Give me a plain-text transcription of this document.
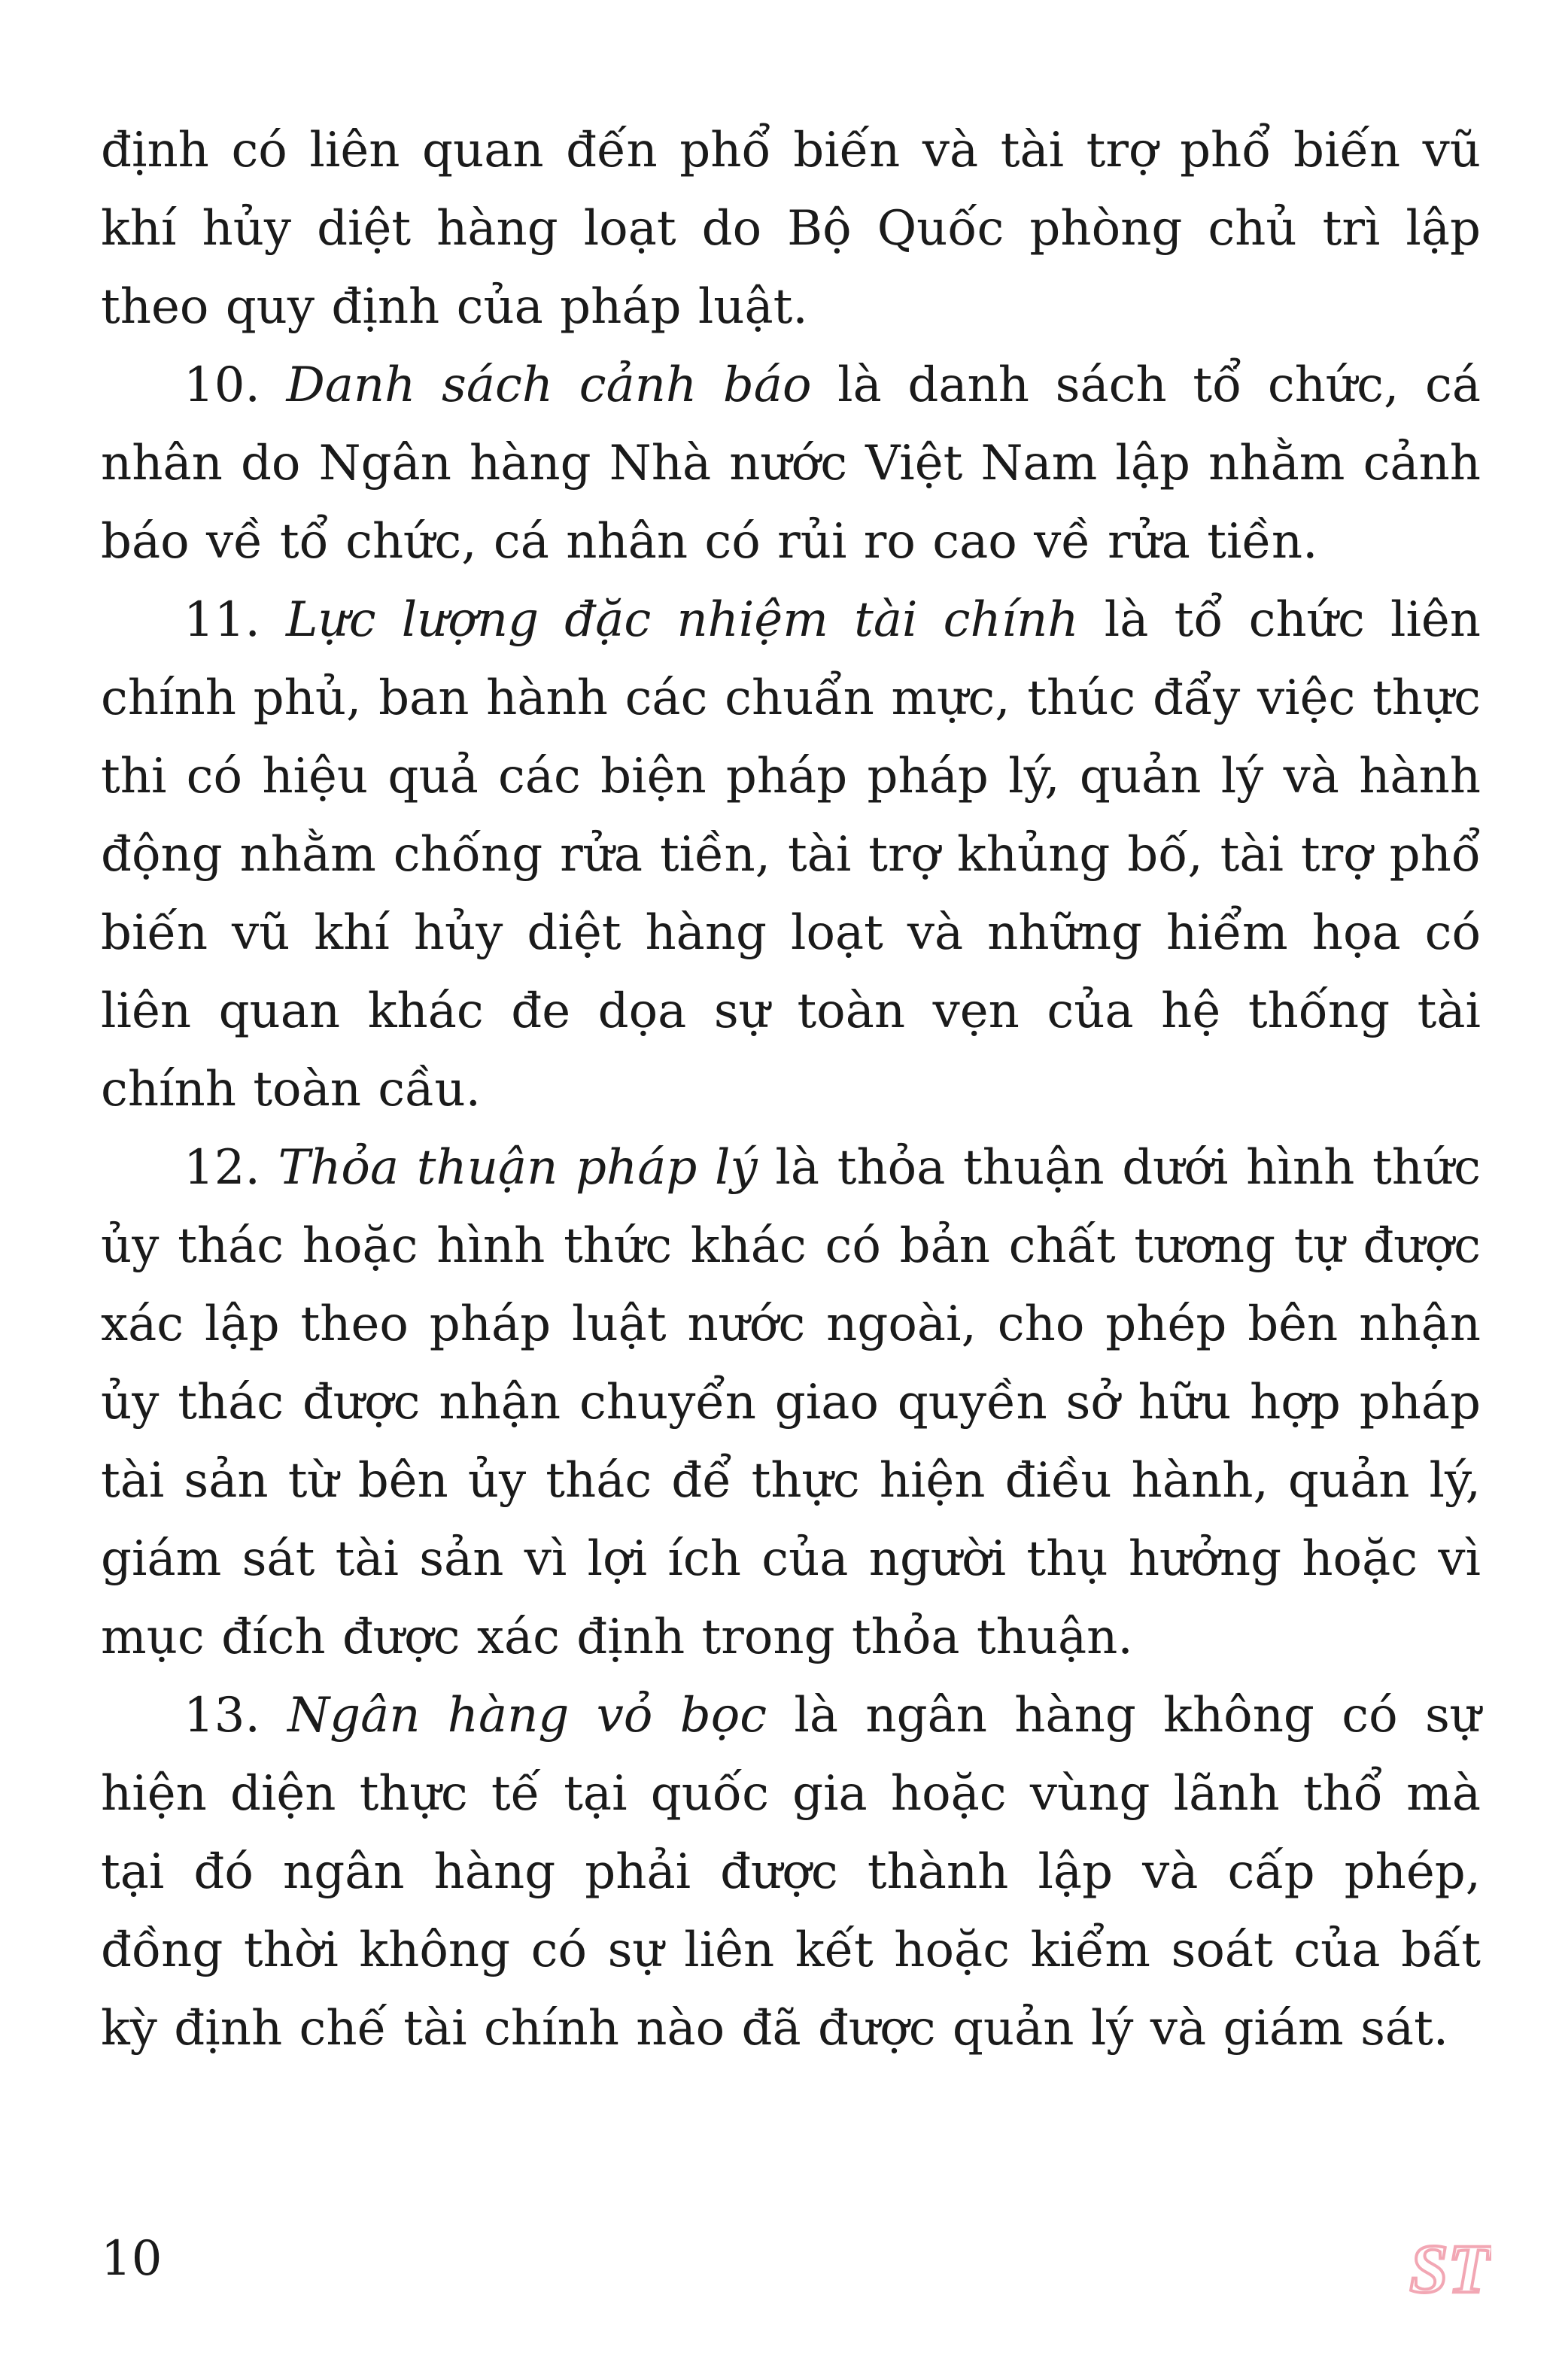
định có liên quan đến phổ biến và tài trợ phổ biến vũ khí hủy diệt hàng loạt do Bộ Quốc phòng chủ trì lập theo quy định của pháp luật.

10. Danh sách cảnh báo là danh sách tổ chức, cá nhân do Ngân hàng Nhà nước Việt Nam lập nhằm cảnh báo về tổ chức, cá nhân có rủi ro cao về rửa tiền.

11. Lực lượng đặc nhiệm tài chính là tổ chức liên chính phủ, ban hành các chuẩn mực, thúc đẩy việc thực thi có hiệu quả các biện pháp pháp lý, quản lý và hành động nhằm chống rửa tiền, tài trợ khủng bố, tài trợ phổ biến vũ khí hủy diệt hàng loạt và những hiểm họa có liên quan khác đe dọa sự toàn vẹn của hệ thống tài chính toàn cầu.

12. Thỏa thuận pháp lý là thỏa thuận dưới hình thức ủy thác hoặc hình thức khác có bản chất tương tự được xác lập theo pháp luật nước ngoài, cho phép bên nhận ủy thác được nhận chuyển giao quyền sở hữu hợp pháp tài sản từ bên ủy thác để thực hiện điều hành, quản lý, giám sát tài sản vì lợi ích của người thụ hưởng hoặc vì mục đích được xác định trong thỏa thuận.

13. Ngân hàng vỏ bọc là ngân hàng không có sự hiện diện thực tế tại quốc gia hoặc vùng lãnh thổ mà tại đó ngân hàng phải được thành lập và cấp phép, đồng thời không có sự liên kết hoặc kiểm soát của bất kỳ định chế tài chính nào đã được quản lý và giám sát.

10	ST
